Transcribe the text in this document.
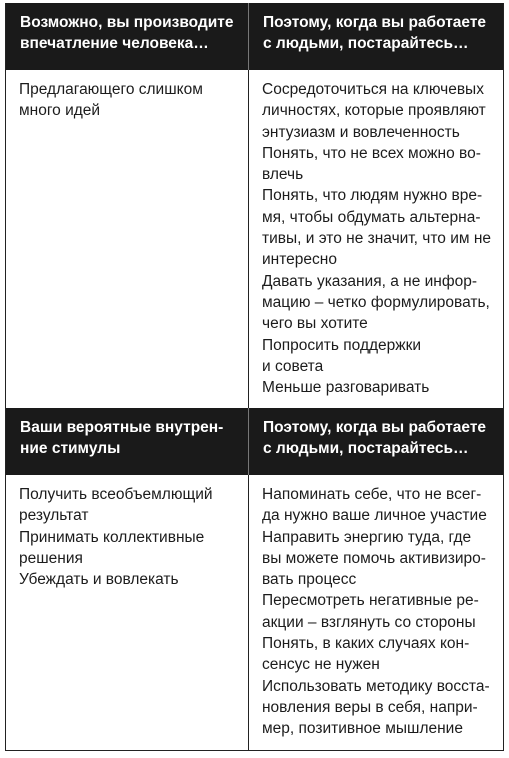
Возможно, вы производите
впечатление человека…
Поэтому, когда вы работаете
с людьми, постарайтесь…
Предлагающего слишком
много идей
Сосредоточиться на ключевых
личностях, которые проявляют
энтузиазм и вовлеченность
Понять, что не всех можно во-
влечь
Понять, что людям нужно вре-
мя, чтобы обдумать альтерна-
тивы, и это не значит, что им не
интересно
Давать указания, а не инфор-
мацию – четко формулировать,
чего вы хотите
Попросить поддержки
и совета
Меньше разговаривать
Ваши вероятные внутрен-
ние стимулы
Поэтому, когда вы работаете
с людьми, постарайтесь…
Получить всеобъемлющий
результат
Принимать коллективные
решения
Убеждать и вовлекать
Напоминать себе, что не всег-
да нужно ваше личное участие
Направить энергию туда, где
вы можете помочь активизиро-
вать процесс
Пересмотреть негативные ре-
акции – взглянуть со стороны
Понять, в каких случаях кон-
сенсус не нужен
Использовать методику восста-
новления веры в себя, напри-
мер, позитивное мышление
